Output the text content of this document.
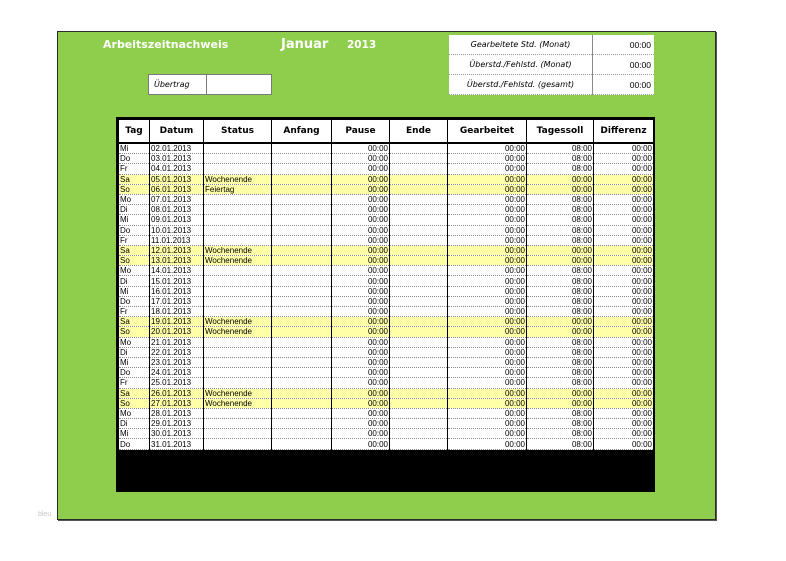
Arbeitszeitnachweis	Januar 2013
Übertrag
Gearbeitete Std. (Monat)	00:00
Überstd./Fehlstd. (Monat)	00:00
Überstd./Fehlstd. (gesamt)	00:00
Tag	Datum	Status	Anfang	Pause	Ende	Gearbeitet	Tagessoll	Differenz
Mi	02.01.2013			00:00		00:00	08:00	00:00
Do	03.01.2013			00:00		00:00	08:00	00:00
Fr	04.01.2013			00:00		00:00	08:00	00:00
Sa	05.01.2013	Wochenende		00:00		00:00	00:00	00:00
So	06.01.2013	Feiertag		00:00		00:00	00:00	00:00
Mo	07.01.2013			00:00		00:00	08:00	00:00
Di	08.01.2013			00:00		00:00	08:00	00:00
Mi	09.01.2013			00:00		00:00	08:00	00:00
Do	10.01.2013			00:00		00:00	08:00	00:00
Fr	11.01.2013			00:00		00:00	08:00	00:00
Sa	12.01.2013	Wochenende		00:00		00:00	00:00	00:00
So	13.01.2013	Wochenende		00:00		00:00	00:00	00:00
Mo	14.01.2013			00:00		00:00	08:00	00:00
Di	15.01.2013			00:00		00:00	08:00	00:00
Mi	16.01.2013			00:00		00:00	08:00	00:00
Do	17.01.2013			00:00		00:00	08:00	00:00
Fr	18.01.2013			00:00		00:00	08:00	00:00
Sa	19.01.2013	Wochenende		00:00		00:00	00:00	00:00
So	20.01.2013	Wochenende		00:00		00:00	00:00	00:00
Mo	21.01.2013			00:00		00:00	08:00	00:00
Di	22.01.2013			00:00		00:00	08:00	00:00
Mi	23.01.2013			00:00		00:00	08:00	00:00
Do	24.01.2013			00:00		00:00	08:00	00:00
Fr	25.01.2013			00:00		00:00	08:00	00:00
Sa	26.01.2013	Wochenende		00:00		00:00	00:00	00:00
So	27.01.2013	Wochenende		00:00		00:00	00:00	00:00
Mo	28.01.2013			00:00		00:00	08:00	00:00
Di	29.01.2013			00:00		00:00	08:00	00:00
Mi	30.01.2013			00:00		00:00	08:00	00:00
Do	31.01.2013			00:00		00:00	08:00	00:00
bleu
